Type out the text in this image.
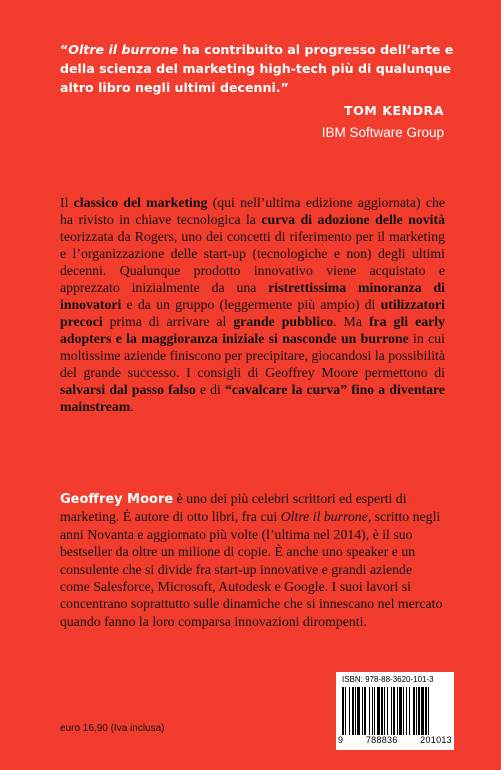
“Oltre il burrone ha contribuito al progresso dell’arte e della scienza del marketing high-tech più di qualunque altro libro negli ultimi decenni.”
TOM KENDRA
IBM Software Group
Il classico del marketing (qui nell’ultima edizione aggiornata) che ha rivisto in chiave tecnologica la curva di adozione delle novità teorizzata da Rogers, uno dei concetti di riferimento per il marketing e l’organizzazione delle start-up (tecnologiche e non) degli ultimi decenni. Qualunque prodotto innovativo viene acquistato e apprezzato inizialmente da una ristrettissima minoranza di innovatori e da un gruppo (leggermente più ampio) di utilizzatori precoci prima di arrivare al grande pubblico. Ma fra gli early adopters e la maggioranza iniziale si nasconde un burrone in cui moltissime aziende finiscono per precipitare, giocandosi la possibilità del grande successo. I consigli di Geoffrey Moore permettono di salvarsi dal passo falso e di “cavalcare la curva” fino a diventare mainstream.
Geoffrey Moore è uno dei più celebri scrittori ed esperti di marketing. È autore di otto libri, fra cui Oltre il burrone, scritto negli anni Novanta e aggiornato più volte (l’ultima nel 2014), è il suo bestseller da oltre un milione di copie. È anche uno speaker e un consulente che si divide fra start-up innovative e grandi aziende come Salesforce, Microsoft, Autodesk e Google. I suoi lavori si concentrano soprattutto sulle dinamiche che si innescano nel mercato quando fanno la loro comparsa innovazioni dirompenti.
ISBN: 978-88-3620-101-3
9	788836	201013
euro 16,90 (Iva inclusa)
